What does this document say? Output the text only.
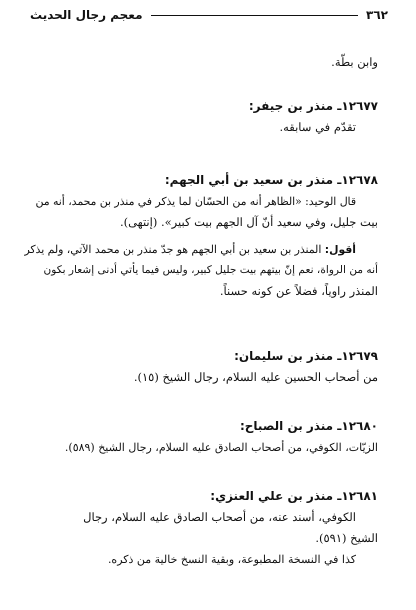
٣٦٢
معجم رجال الحديث
وابن بطّة.
١٢٦٧٧ـ منذر بن جيفر:
تقدّم في سابقه.
١٢٦٧٨ـ منذر بن سعيد بن أبي الجهم:
قال الوحيد: «الظاهر أنه من الحسّان لما يذكر في منذر بن محمد، أنه من
بيت جليل، وفي سعيد أنّ آل الجهم بيت كبير». (إنتهى).
أقول: المنذر بن سعيد بن أبي الجهم هو جدّ منذر بن محمد الآتي، ولم يذكر
أنه من الرواة، نعم إنّ بيتهم بيت جليل كبير، وليس فيما يأتي أدنى إشعار بكون
المنذر راوياً، فضلاً عن كونه حسناً.
١٢٦٧٩ـ منذر بن سليمان:
من أصحاب الحسين عليه السلام، رجال الشيخ (١٥).
١٢٦٨٠ـ منذر بن الصباح:
الزيّات، الكوفي، من أصحاب الصادق عليه السلام، رجال الشيخ (٥٨٩).
١٢٦٨١ـ منذر بن علي العنزي:
الكوفي، أسند عنه، من أصحاب الصادق عليه السلام، رجال
الشيخ (٥٩١).
كذا في النسخة المطبوعة، وبقية النسخ خالية من ذكره.
